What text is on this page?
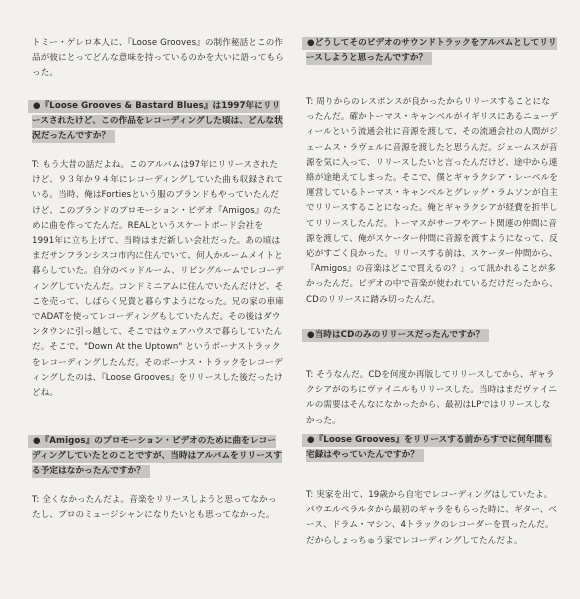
トミー・ゲレロ本人に、『Loose Grooves』の制作秘話とこの作品が彼にとってどんな意味を持っているのかを大いに語ってもらった。

●『Loose Grooves & Bastard Blues』は1997年にリリースされたけど、この作品をレコーディングした頃は、どんな状況だったんですか？

T: もう大昔の話だよね。このアルバムは97年にリリースされたけど、９３年か９４年にレコーディングしていた曲も収録されている。当時、俺はFortiesという服のブランドもやっていたんだけど、このブランドのプロモーション・ビデオ『Amigos』のために曲を作ってたんだ。REALというスケートボード会社を1991年に立ち上げて、当時はまだ新しい会社だった。あの頃はまだサンフランシスコ市内に住んでいて、何人かルームメイトと暮らしていた。自分のベッドルーム、リビングルームでレコーディングしていたんだ。コンドミニアムに住んでいたんだけど、そこを売って、しばらく兄貴と暮らすようになった。兄の家の車庫でADATを使ってレコーディングもしていたんだ。その後はダウンタウンに引っ越して、そこではウェアハウスで暮らしていたんだ。そこで、"Down At the Uptown" というボーナストラックをレコーディングしたんだ。そのボーナス・トラックをレコーディングしたのは、『Loose Grooves』をリリースした後だったけどね。

●『Amigos』のプロモーション・ビデオのために曲をレコーディングしていたとのことですが、当時はアルバムをリリースする予定はなかったんですか？

T: 全くなかったんだよ。音楽をリリースしようと思ってなかったし、プロのミュージシャンになりたいとも思ってなかった。

●どうしてそのビデオのサウンドトラックをアルバムとしてリリースしようと思ったんですか？

T: 周りからのレスポンスが良かったからリリースすることになったんだ。確かトーマス・キャンベルがイギリスにあるニューディールという流通会社に音源を渡して、その流通会社の人間がジェームス・ラヴェルに音源を渡したと思うんだ。ジェームスが音源を気に入って、リリースしたいと言ったんだけど、途中から連絡が途絶えてしまった。そこで、僕とギャラクシア・レーベルを運営しているトーマス・キャンベルとグレッグ・ラムソンが自主でリリースすることになった。俺とギャラクシアが経費を折半してリリースしたんだ。トーマスがサーフやアート関連の仲間に音源を渡して、俺がスケーター仲間に音源を渡すようになって、反応がすごく良かった。リリースする前は、スケーター仲間から、『Amigos』の音楽はどこで買えるの？」って訊かれることが多かったんだ。ビデオの中で音楽が使われているだけだったから、CDのリリースに踏み切ったんだ。

●当時はCDのみのリリースだったんですか？

T: そうなんだ。CDを何度か再版してリリースしてから、ギャラクシアがのちにヴァイニルもリリースした。当時はまだヴァイニルの需要はそんなになかったから、最初はLPではリリースしなかった。

●『Loose Grooves』をリリースする前からすでに何年間も宅録はやっていたんですか？

T: 実家を出て、19歳から自宅でレコーディングはしていたよ。パウエルペラルタから最初のギャラをもらった時に、ギター、ベース、ドラム・マシン、4トラックのレコーダーを買ったんだ。だからしょっちゅう家でレコーディングしてたんだよ。
